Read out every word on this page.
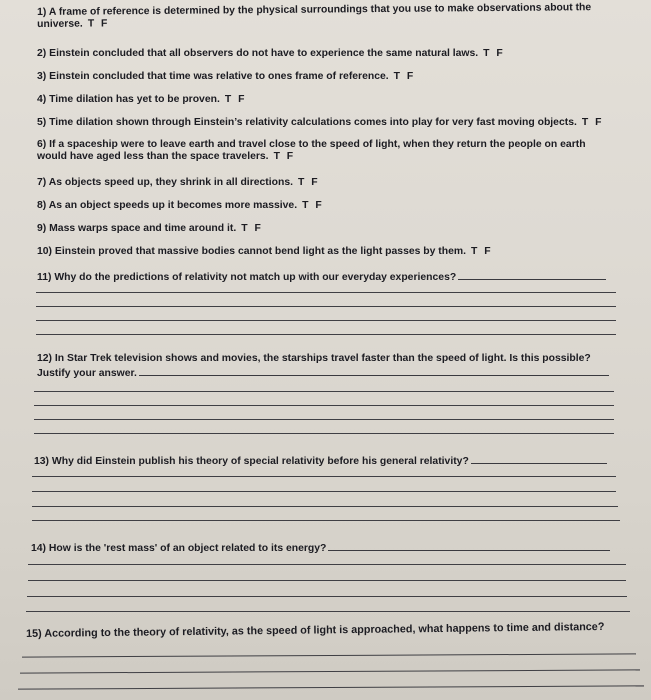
1) A frame of reference is determined by the physical surroundings that you use to make observations about the
universe. T F
2) Einstein concluded that all observers do not have to experience the same natural laws. T F
3) Einstein concluded that time was relative to ones frame of reference. T F
4) Time dilation has yet to be proven. T F
5) Time dilation shown through Einstein’s relativity calculations comes into play for very fast moving objects. T F
6) If a spaceship were to leave earth and travel close to the speed of light, when they return the people on earth
would have aged less than the space travelers. T F
7) As objects speed up, they shrink in all directions. T F
8) As an object speeds up it becomes more massive. T F
9) Mass warps space and time around it. T F
10) Einstein proved that massive bodies cannot bend light as the light passes by them. T F
11) Why do the predictions of relativity not match up with our everyday experiences?
12) In Star Trek television shows and movies, the starships travel faster than the speed of light. Is this possible?
Justify your answer.
13) Why did Einstein publish his theory of special relativity before his general relativity?
14) How is the 'rest mass' of an object related to its energy?
15) According to the theory of relativity, as the speed of light is approached, what happens to time and distance?
